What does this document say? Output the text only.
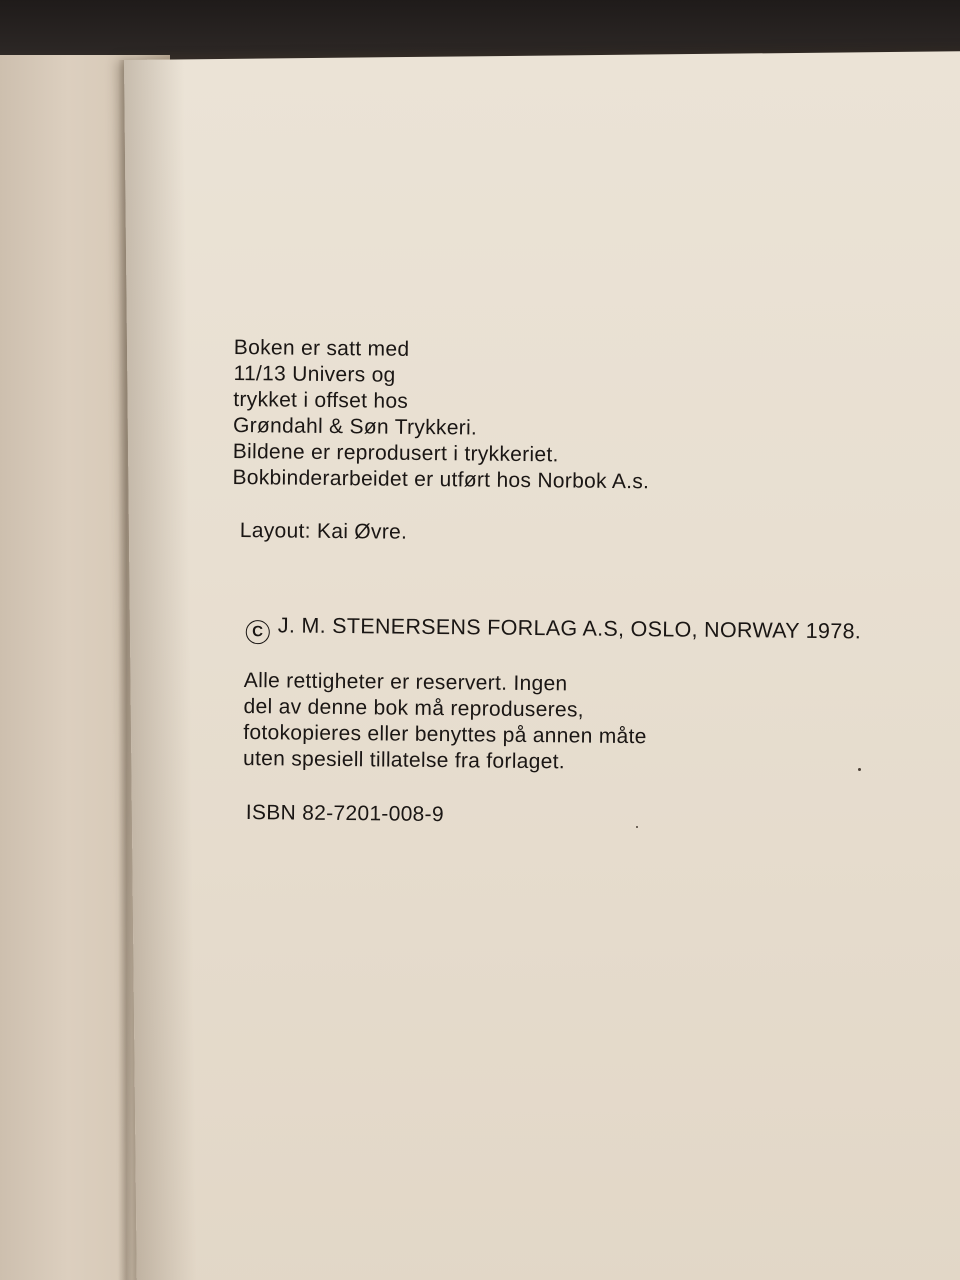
Boken er satt med
11/13 Univers og
trykket i offset hos
Grøndahl & Søn Trykkeri.
Bildene er reprodusert i trykkeriet.
Bokbinderarbeidet er utført hos Norbok A.s.
Layout: Kai Øvre.
C J. M. STENERSENS FORLAG A.S, OSLO, NORWAY 1978.
Alle rettigheter er reservert. Ingen
del av denne bok må reproduseres,
fotokopieres eller benyttes på annen måte
uten spesiell tillatelse fra forlaget.
ISBN 82-7201-008-9
